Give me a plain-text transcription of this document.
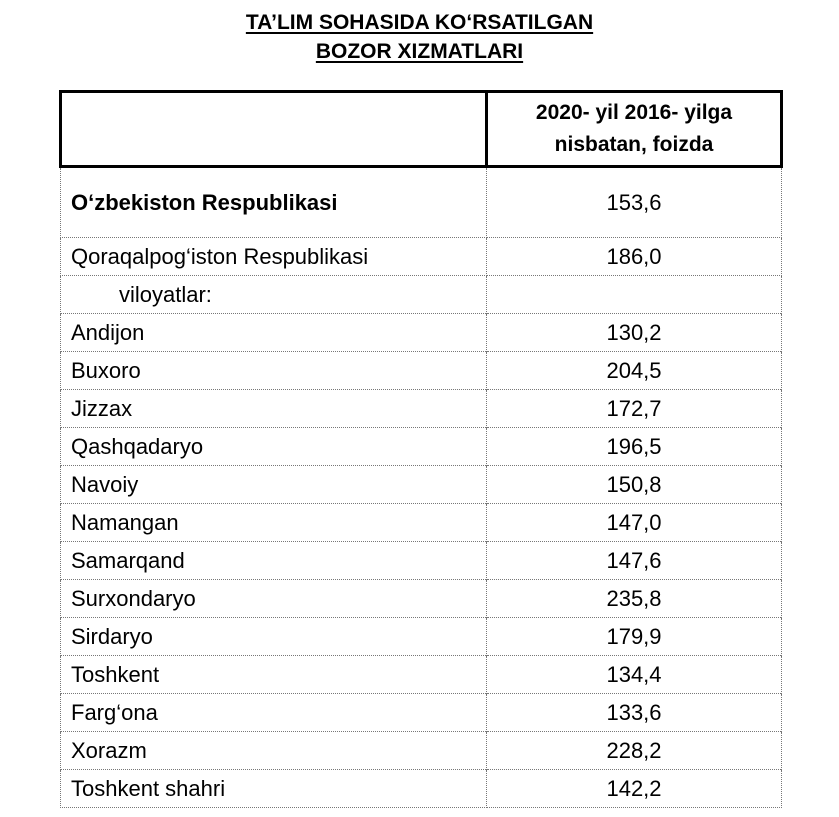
TA’LIM SOHASIDA KO‘RSATILGAN
BOZOR XIZMATLARI
	2020- yil 2016- yilga
nisbatan, foizda
O‘zbekiston Respublikasi	153,6
Qoraqalpog‘iston Respublikasi	186,0
viloyatlar:	
Andijon	130,2
Buxoro	204,5
Jizzax	172,7
Qashqadaryo	196,5
Navoiy	150,8
Namangan	147,0
Samarqand	147,6
Surxondaryo	235,8
Sirdaryo	179,9
Toshkent	134,4
Farg‘ona	133,6
Xorazm	228,2
Toshkent shahri	142,2
